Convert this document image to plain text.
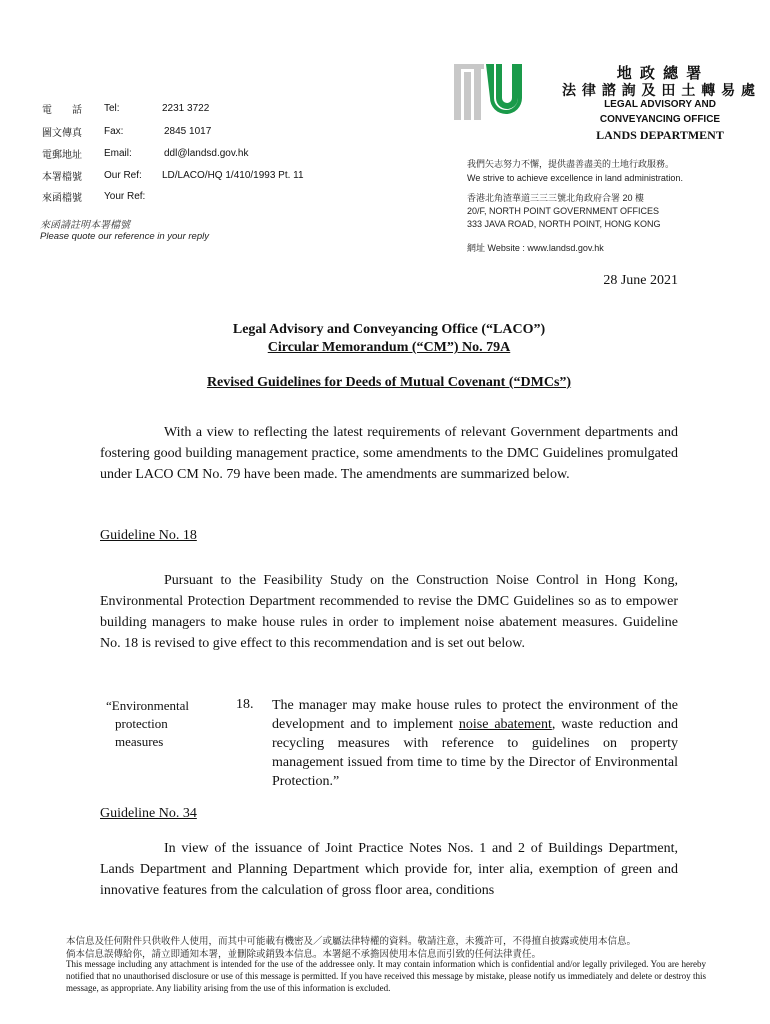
電　　話	Tel:	2231 3722
圖文傳真	Fax:	2845 1017
電郵地址	Email:	ddl@landsd.gov.hk
本署檔號	Our Ref:	LD/LACO/HQ 1/410/1993 Pt. 11
來函檔號	Your Ref:
來函請註明本署檔號
Please quote our reference in your reply
地 政 總 署
法 律 諮 詢 及 田 土 轉 易 處
LEGAL ADVISORY AND
CONVEYANCING OFFICE
LANDS DEPARTMENT
我們矢志努力不懈，提供盡善盡美的土地行政服務。
We strive to achieve excellence in land administration.
香港北角渣華道三三三號北角政府合署 20 樓
20/F, NORTH POINT GOVERNMENT OFFICES
333 JAVA ROAD, NORTH POINT, HONG KONG
網址 Website : www.landsd.gov.hk
28 June 2021
Legal Advisory and Conveyancing Office (“LACO”)
Circular Memorandum (“CM”) No. 79A
Revised Guidelines for Deeds of Mutual Covenant (“DMCs”)
With a view to reflecting the latest requirements of relevant Government departments and fostering good building management practice, some amendments to the DMC Guidelines promulgated under LACO CM No. 79 have been made. The amendments are summarized below.
Guideline No. 18
Pursuant to the Feasibility Study on the Construction Noise Control in Hong Kong, Environmental Protection Department recommended to revise the DMC Guidelines so as to empower building managers to make house rules in order to implement noise abatement measures. Guideline No. 18 is revised to give effect to this recommendation and is set out below.
“Environmental
protection
measures
18. The manager may make house rules to protect the environment of the development and to implement noise abatement, waste reduction and recycling measures with reference to guidelines on property management issued from time to time by the Director of Environmental Protection.”
Guideline No. 34
In view of the issuance of Joint Practice Notes Nos. 1 and 2 of Buildings Department, Lands Department and Planning Department which provide for, inter alia, exemption of green and innovative features from the calculation of gross floor area, conditions
本信息及任何附件只供收件人使用，而其中可能載有機密及／或屬法律特權的資料。敬請注意，未獲許可，不得擅自披露或使用本信息。
倘本信息誤傳給你，請立即通知本署，並刪除或銷毀本信息。本署絕不承擔因使用本信息而引致的任何法律責任。
This message including any attachment is intended for the use of the addressee only. It may contain information which is confidential and/or legally privileged. You are hereby notified that no unauthorised disclosure or use of this message is permitted. If you have received this message by mistake, please notify us immediately and delete or destroy this message, as appropriate. Any liability arising from the use of this information is excluded.
